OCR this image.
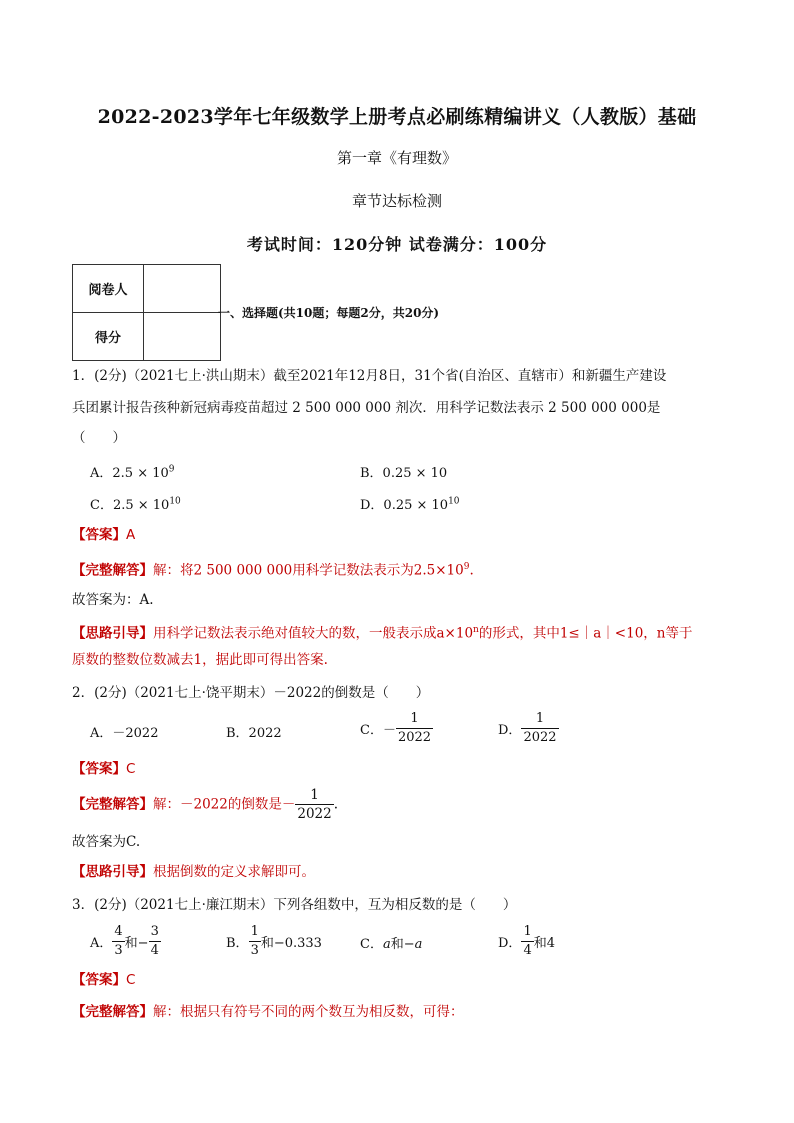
2022-2023学年七年级数学上册考点必刷练精编讲义（人教版）基础
第一章《有理数》
章节达标检测
考试时间：120分钟 试卷满分：100分
阅卷人	
得分	
一、选择题(共10题；每题2分，共20分)
1．(2分)（2021七上·洪山期末）截至2021年12月8日，31个省(自治区、直辖市）和新疆生产建设
兵团累计报告孩种新冠病毒疫苗超过 2 500 000 000 剂次．用科学记数法表示 2 500 000 000是
（　　）
A．$2.5 \times 10^9$	B．0.25 × 10
C．$2.5 \times 10^{10}$	D．$0.25 \times 10^{10}$
【答案】A
【完整解答】解：将2 500 000 000用科学记数法表示为$2.5\times 10^9$.
故答案为：A.
【思路引导】用科学记数法表示绝对值较大的数，一般表示成$a\times 10^n$的形式，其中1≤｜a｜<10，n等于
原数的整数位数减去1，据此即可得出答案.
2．(2分)（2021七上·饶平期末）－2022的倒数是（　　）
A．－2022	B．2022	C．－ $\frac{1}{2022}$	D． $\frac{1}{2022}$
【答案】C
【完整解答】解：－2022的倒数是－ $\frac{1}{2022}$ .
故答案为C.
【思路引导】根据倒数的定义求解即可。
3．(2分)（2021七上·廉江期末）下列各组数中，互为相反数的是（　　）
A． $\frac{4}{3}$ 和− $\frac{3}{4}$	B． $\frac{1}{3}$ 和−0.333	C．a和−a	D． $\frac{1}{4}$ 和4
【答案】C
【完整解答】解：根据只有符号不同的两个数互为相反数，可得：
